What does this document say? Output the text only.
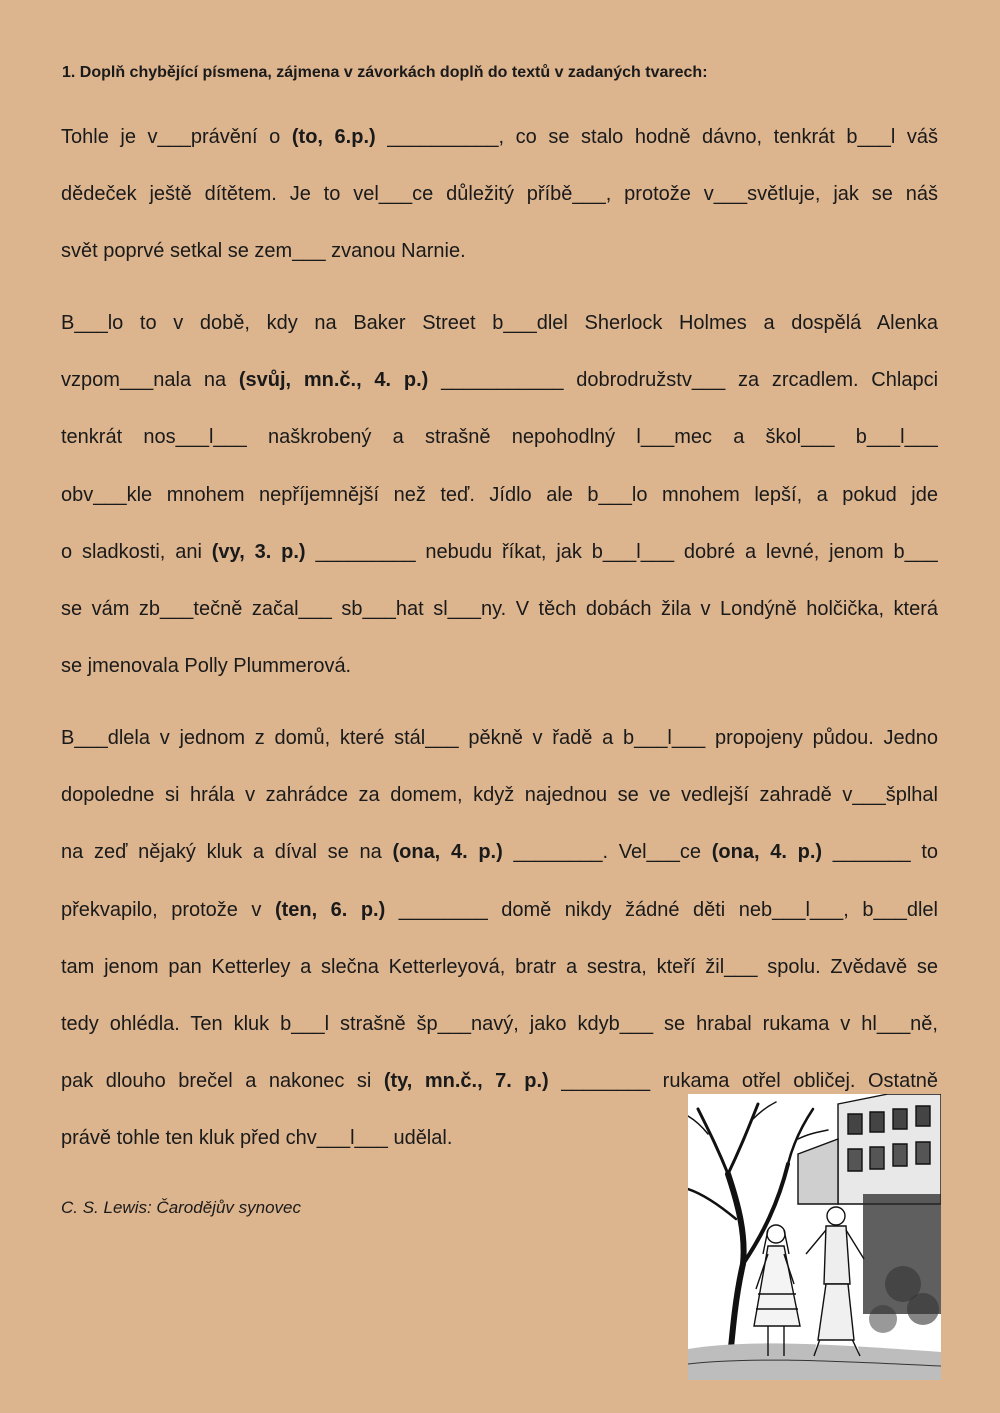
1. Doplň chybějící písmena, zájmena v závorkách doplň do textů v zadaných tvarech:
Tohle je v___právění o (to, 6.p.) __________, co se stalo hodně dávno, tenkrát b___l váš
dědeček ještě dítětem. Je to vel___ce důležitý příbě___, protože v___světluje, jak se náš
svět poprvé setkal se zem___ zvanou Narnie.
B___lo to v době, kdy na Baker Street b___dlel Sherlock Holmes a dospělá Alenka
vzpom___nala na (svůj, mn.č., 4. p.) ___________ dobrodružstv___ za zrcadlem. Chlapci
tenkrát nos___l___ naškrobený a strašně nepohodlný l___mec a škol___ b___l___
obv___kle mnohem nepříjemnější než teď. Jídlo ale b___lo mnohem lepší, a pokud jde
o sladkosti, ani (vy, 3. p.) _________ nebudu říkat, jak b___l___ dobré a levné, jenom b___
se vám zb___tečně začal___ sb___hat sl___ny. V těch dobách žila v Londýně holčička, která
se jmenovala Polly Plummerová.
B___dlela v jednom z domů, které stál___ pěkně v řadě a b___l___ propojeny půdou. Jedno
dopoledne si hrála v zahrádce za domem, když najednou se ve vedlejší zahradě v___šplhal
na zeď nějaký kluk a díval se na (ona, 4. p.) ________. Vel___ce (ona, 4. p.) _______ to
překvapilo, protože v (ten, 6. p.) ________ domě nikdy žádné děti neb___l___, b___dlel
tam jenom pan Ketterley a slečna Ketterleyová, bratr a sestra, kteří žil___ spolu. Zvědavě se
tedy ohlédla. Ten kluk b___l strašně šp___navý, jako kdyb___ se hrabal rukama v hl___ně,
pak dlouho brečel a nakonec si (ty, mn.č., 7. p.) ________ rukama otřel obličej. Ostatně
právě tohle ten kluk před chv___l___ udělal.
C. S. Lewis: Čarodějův synovec
